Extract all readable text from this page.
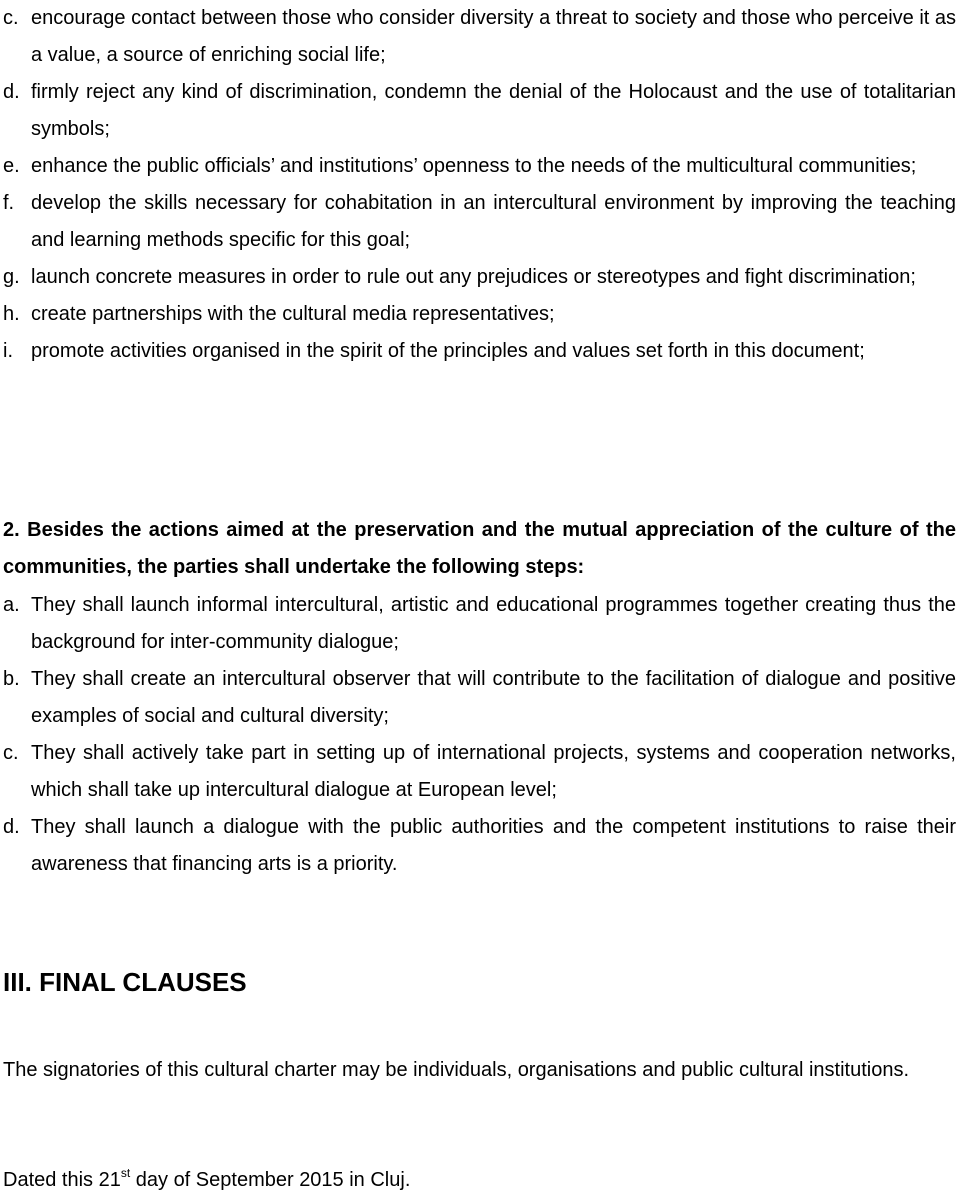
c. encourage contact between those who consider diversity a threat to society and those who perceive it as a value, a source of enriching social life;
d. firmly reject any kind of discrimination, condemn the denial of the Holocaust and the use of totalitarian symbols;
e. enhance the public officials’ and institutions’ openness to the needs of the multicultural communities;
f. develop the skills necessary for cohabitation in an intercultural environment by improving the teaching and learning methods specific for this goal;
g. launch concrete measures in order to rule out any prejudices or stereotypes and fight discrimination;
h. create partnerships with the cultural media representatives;
i. promote activities organised in the spirit of the principles and values set forth in this document;

2. Besides the actions aimed at the preservation and the mutual appreciation of the culture of the communities, the parties shall undertake the following steps:

a. They shall launch informal intercultural, artistic and educational programmes together creating thus the background for inter-community dialogue;
b. They shall create an intercultural observer that will contribute to the facilitation of dialogue and positive examples of social and cultural diversity;
c. They shall actively take part in setting up of international projects, systems and cooperation networks, which shall take up intercultural dialogue at European level;
d. They shall launch a dialogue with the public authorities and the competent institutions to raise their awareness that financing arts is a priority.
III. FINAL CLAUSES

The signatories of this cultural charter may be individuals, organisations and public cultural institutions.

Dated this 21st day of September 2015 in Cluj.
